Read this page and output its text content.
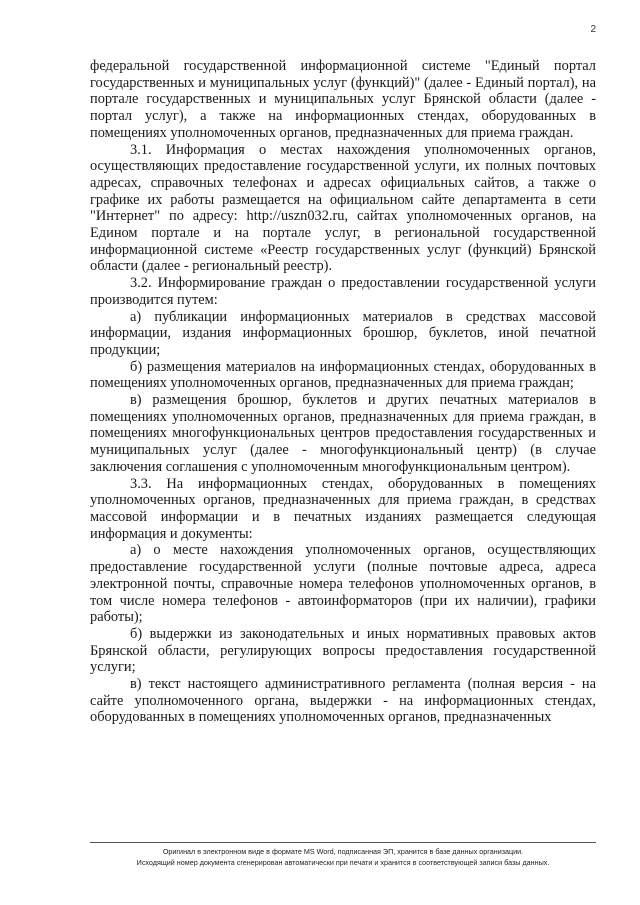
2

федеральной государственной информационной системе "Единый портал государственных и муниципальных услуг (функций)" (далее - Единый портал), на портале государственных и муниципальных услуг Брянской области (далее - портал услуг), а также на информационных стендах, оборудованных в помещениях уполномоченных органов, предназначенных для приема граждан.

3.1. Информация о местах нахождения уполномоченных органов, осуществляющих предоставление государственной услуги, их полных почтовых адресах, справочных телефонах и адресах официальных сайтов, а также о графике их работы размещается на официальном сайте департамента в сети "Интернет" по адресу: http://uszn032.ru, сайтах уполномоченных органов, на Едином портале и на портале услуг, в региональной государственной информационной системе «Реестр государственных услуг (функций) Брянской области (далее - региональный реестр).

3.2. Информирование граждан о предоставлении государственной услуги производится путем:

а) публикации информационных материалов в средствах массовой информации, издания информационных брошюр, буклетов, иной печатной продукции;

б) размещения материалов на информационных стендах, оборудованных в помещениях уполномоченных органов, предназначенных для приема граждан;

в) размещения брошюр, буклетов и других печатных материалов в помещениях уполномоченных органов, предназначенных для приема граждан, в помещениях многофункциональных центров предоставления государственных и муниципальных услуг (далее - многофункциональный центр) (в случае заключения соглашения с уполномоченным многофункциональным центром).

3.3. На информационных стендах, оборудованных в помещениях уполномоченных органов, предназначенных для приема граждан, в средствах массовой информации и в печатных изданиях размещается следующая информация и документы:

а) о месте нахождения уполномоченных органов, осуществляющих предоставление государственной услуги (полные почтовые адреса, адреса электронной почты, справочные номера телефонов уполномоченных органов, в том числе номера телефонов - автоинформаторов (при их наличии), графики работы);

б) выдержки из законодательных и иных нормативных правовых актов Брянской области, регулирующих вопросы предоставления государственной услуги;

в) текст настоящего административного регламента (полная версия - на сайте уполномоченного органа, выдержки - на информационных стендах, оборудованных в помещениях уполномоченных органов, предназначенных

Оригинал в электронном виде в формате MS Word, подписанная ЭП, хранится в базе данных организации.
Исходящий номер документа сгенерирован автоматически при печати и хранится в соответствующей записи базы данных.
